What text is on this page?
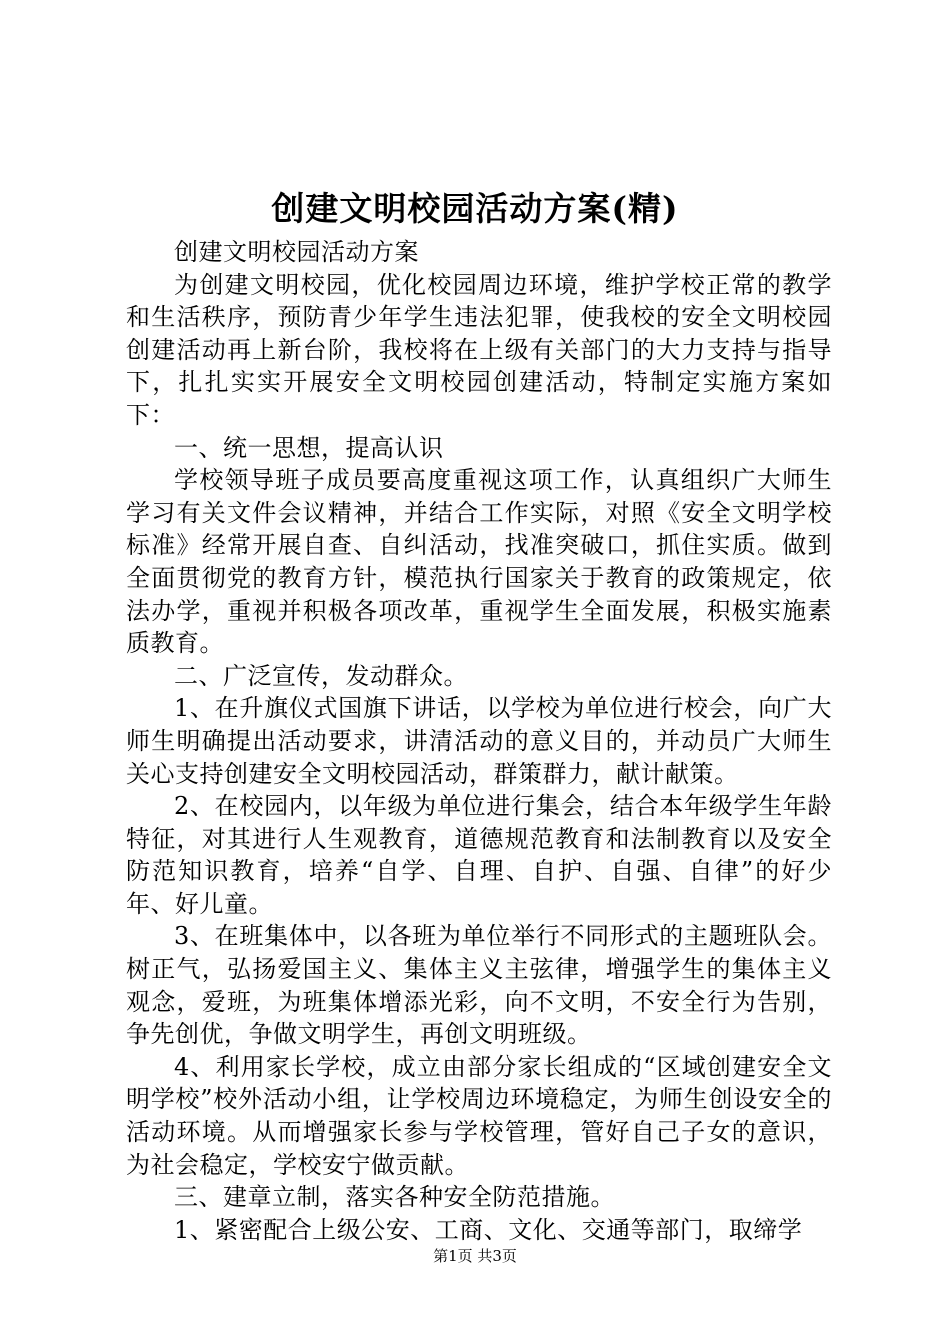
创建文明校园活动方案(精)

创建文明校园活动方案

为创建文明校园，优化校园周边环境，维护学校正常的教学和生活秩序，预防青少年学生违法犯罪，使我校的安全文明校园创建活动再上新台阶，我校将在上级有关部门的大力支持与指导下，扎扎实实开展安全文明校园创建活动，特制定实施方案如下：

一、统一思想，提高认识

学校领导班子成员要高度重视这项工作，认真组织广大师生学习有关文件会议精神，并结合工作实际，对照《安全文明学校标准》经常开展自查、自纠活动，找准突破口，抓住实质。做到全面贯彻党的教育方针，模范执行国家关于教育的政策规定，依法办学，重视并积极各项改革，重视学生全面发展，积极实施素质教育。

二、广泛宣传，发动群众。

1、在升旗仪式国旗下讲话，以学校为单位进行校会，向广大师生明确提出活动要求，讲清活动的意义目的，并动员广大师生关心支持创建安全文明校园活动，群策群力，献计献策。

2、在校园内，以年级为单位进行集会，结合本年级学生年龄特征，对其进行人生观教育，道德规范教育和法制教育以及安全防范知识教育，培养“自学、自理、自护、自强、自律”的好少年、好儿童。

3、在班集体中，以各班为单位举行不同形式的主题班队会。树正气，弘扬爱国主义、集体主义主弦律，增强学生的集体主义观念，爱班，为班集体增添光彩，向不文明，不安全行为告别，争先创优，争做文明学生，再创文明班级。

4、利用家长学校，成立由部分家长组成的“区域创建安全文明学校”校外活动小组，让学校周边环境稳定，为师生创设安全的活动环境。从而增强家长参与学校管理，管好自己子女的意识，为社会稳定，学校安宁做贡献。

三、建章立制，落实各种安全防范措施。

1、紧密配合上级公安、工商、文化、交通等部门，取缔学

第1页 共3页
